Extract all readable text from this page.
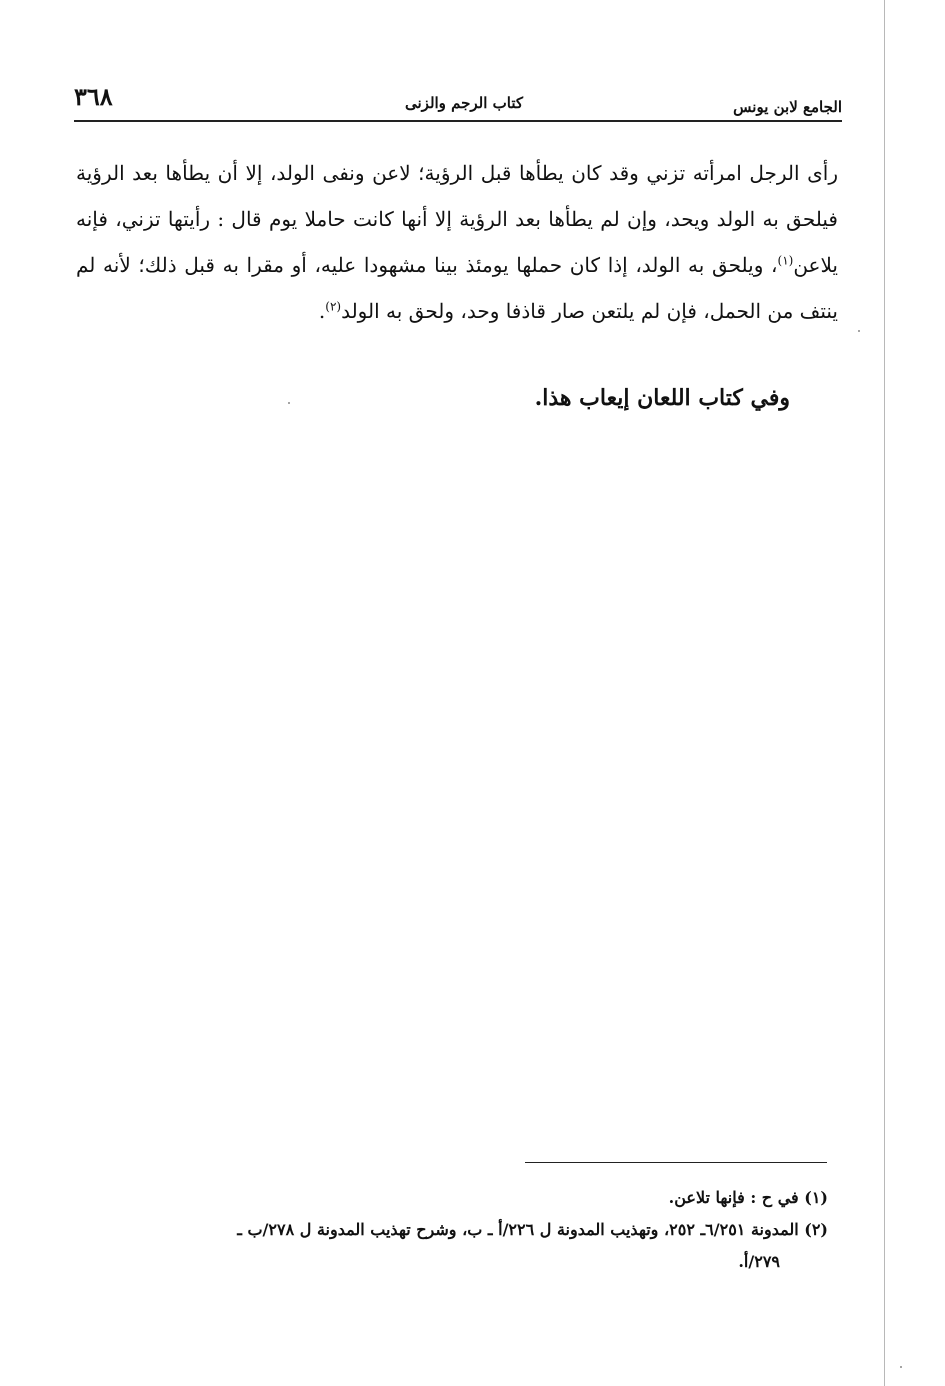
الجامع لابن يونس
كتاب الرجم والزنى
٣٦٨

رأى الرجل امرأته تزني وقد كان يطأها قبل الرؤية؛ لاعن ونفى الولد، إلا أن يطأها بعد الرؤية فيلحق به الولد ويحد، وإن لم يطأها بعد الرؤية إلا أنها كانت حاملا يوم قال : رأيتها تزني، فإنه يلاعن$^{(١)}$، ويلحق به الولد، إذا كان حملها يومئذ بينا مشهودا عليه، أو مقرا به قبل ذلك؛ لأنه لم ينتف من الحمل، فإن لم يلتعن صار قاذفا وحد، ولحق به الولد$^{(٢)}$.

وفي كتاب اللعان إيعاب هذا.

(١) في ح : فإنها تلاعن.

(٢) المدونة ٦/٢٥١ـ ٢٥٢، وتهذيب المدونة ل ٢٢٦/أ ـ ب، وشرح تهذيب المدونة ل ٢٧٨/ب ـ

٢٧٩/أ.
